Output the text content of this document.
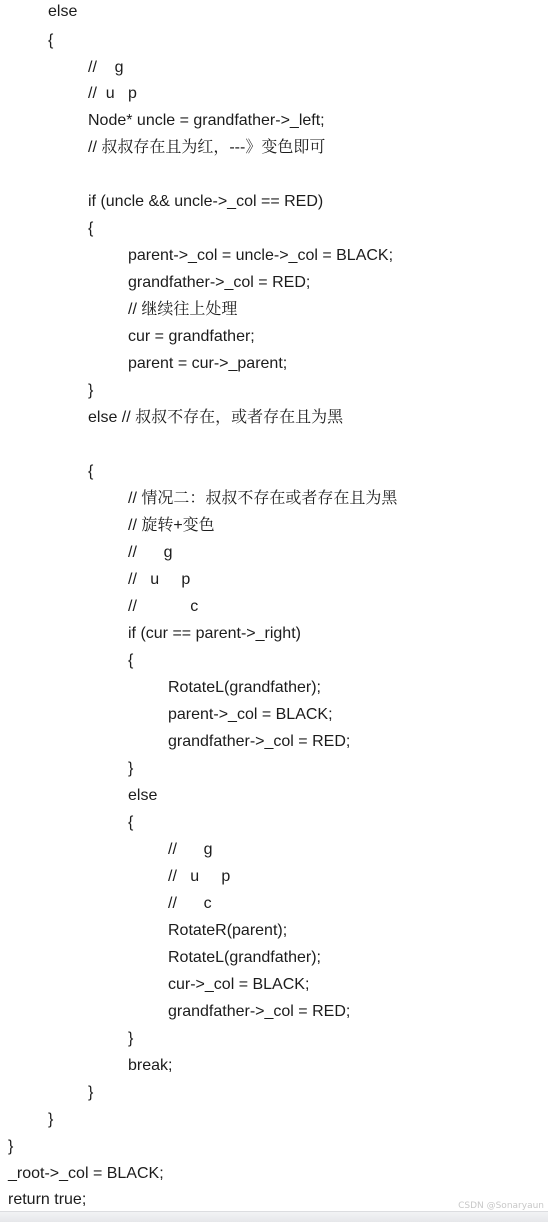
else
{
//    g
//  u   p
Node* uncle = grandfather->_left;
// 叔叔存在且为红，---》变色即可
if (uncle && uncle->_col == RED)
{
parent->_col = uncle->_col = BLACK;
grandfather->_col = RED;
// 继续往上处理
cur = grandfather;
parent = cur->_parent;
}
else // 叔叔不存在，或者存在且为黑
{
// 情况二：叔叔不存在或者存在且为黑
// 旋转+变色
//      g
//   u     p
//            c
if (cur == parent->_right)
{
RotateL(grandfather);
parent->_col = BLACK;
grandfather->_col = RED;
}
else
{
//      g
//   u     p
//      c
RotateR(parent);
RotateL(grandfather);
cur->_col = BLACK;
grandfather->_col = RED;
}
break;
}
}
}
_root->_col = BLACK;
return true;	CSDN @Sonaryaun
